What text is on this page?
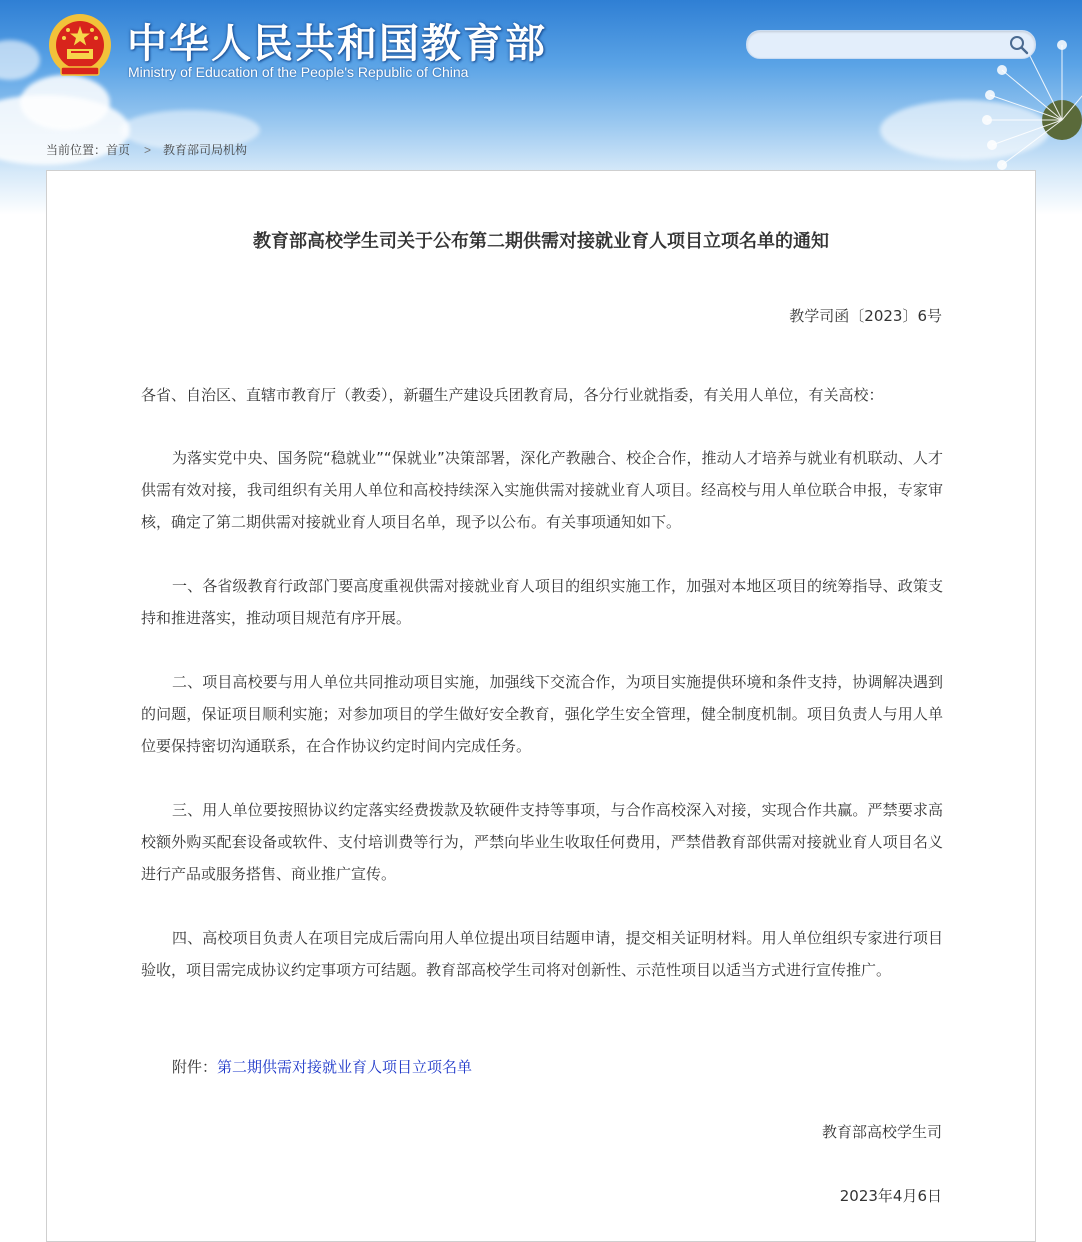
中华人民共和国教育部
Ministry of Education of the People's Republic of China
当前位置：首页 > 教育部司局机构
教育部高校学生司关于公布第二期供需对接就业育人项目立项名单的通知
教学司函〔2023〕6号

各省、自治区、直辖市教育厅（教委），新疆生产建设兵团教育局，各分行业就指委，有关用人单位，有关高校：

为落实党中央、国务院“稳就业”“保就业”决策部署，深化产教融合、校企合作，推动人才培养与就业有机联动、人才供需有效对接，我司组织有关用人单位和高校持续深入实施供需对接就业育人项目。经高校与用人单位联合申报，专家审核，确定了第二期供需对接就业育人项目名单，现予以公布。有关事项通知如下。

一、各省级教育行政部门要高度重视供需对接就业育人项目的组织实施工作，加强对本地区项目的统筹指导、政策支持和推进落实，推动项目规范有序开展。

二、项目高校要与用人单位共同推动项目实施，加强线下交流合作，为项目实施提供环境和条件支持，协调解决遇到的问题，保证项目顺利实施；对参加项目的学生做好安全教育，强化学生安全管理，健全制度机制。项目负责人与用人单位要保持密切沟通联系，在合作协议约定时间内完成任务。

三、用人单位要按照协议约定落实经费拨款及软硬件支持等事项，与合作高校深入对接，实现合作共赢。严禁要求高校额外购买配套设备或软件、支付培训费等行为，严禁向毕业生收取任何费用，严禁借教育部供需对接就业育人项目名义进行产品或服务搭售、商业推广宣传。

四、高校项目负责人在项目完成后需向用人单位提出项目结题申请，提交相关证明材料。用人单位组织专家进行项目验收，项目需完成协议约定事项方可结题。教育部高校学生司将对创新性、示范性项目以适当方式进行宣传推广。

附件：第二期供需对接就业育人项目立项名单

教育部高校学生司
2023年4月6日
